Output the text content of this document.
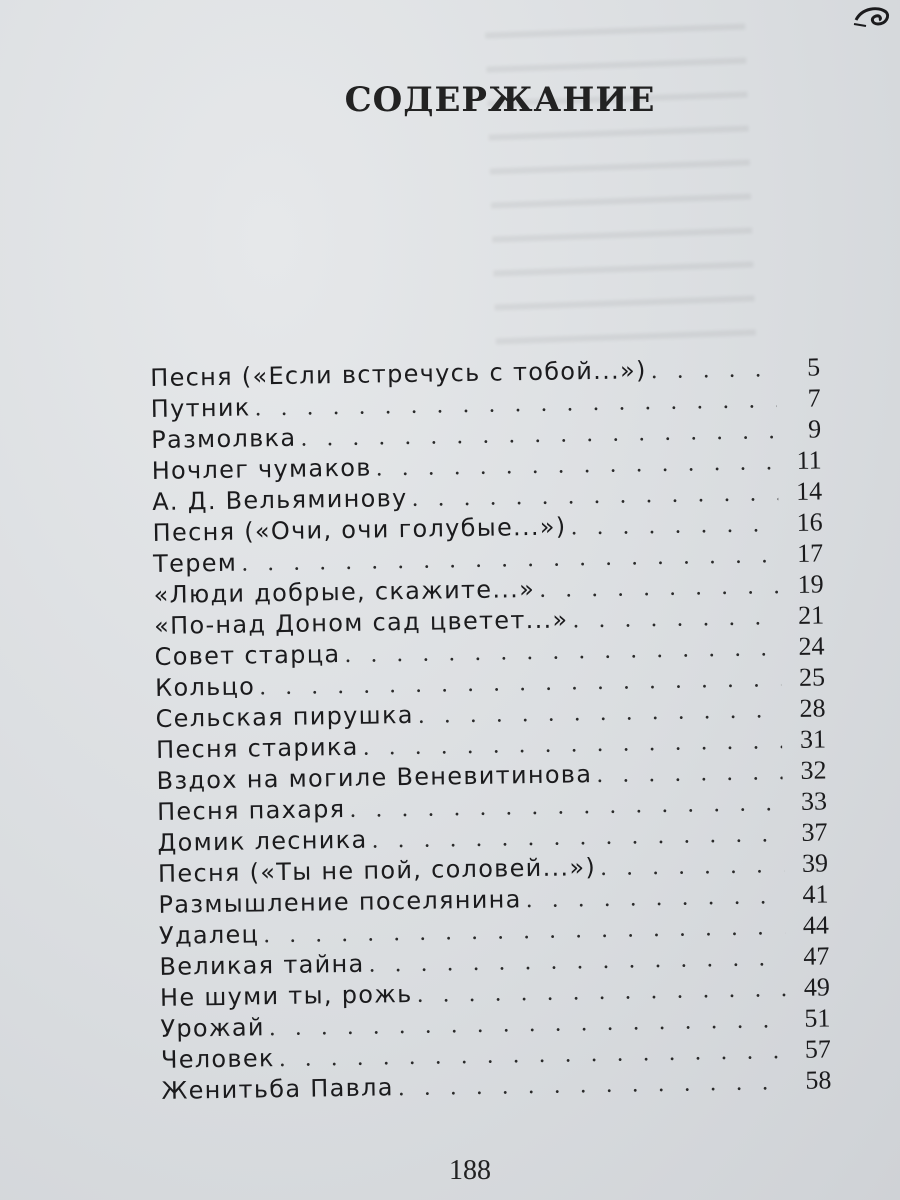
СОДЕРЖАНИЕ
Песня («Если встречусь с тобой...») . . .	5
Путник . . .	7
Размолвка . . .	9
Ночлег чумаков . . .	11
А. Д. Вельяминову . . .	14
Песня («Очи, очи голубые...») . . .	16
Терем . . .	17
«Люди добрые, скажите...» . . .	19
«По-над Доном сад цветет...» . . .	21
Совет старца . . .	24
Кольцо . . .	25
Сельская пирушка . . .	28
Песня старика . . .	31
Вздох на могиле Веневитинова . . .	32
Песня пахаря . . .	33
Домик лесника . . .	37
Песня («Ты не пой, соловей...») . . .	39
Размышление поселянина . . .	41
Удалец . . .	44
Великая тайна . . .	47
Не шуми ты, рожь . . .	49
Урожай . . .	51
Человек . . .	57
Женитьба Павла . . .	58
188
